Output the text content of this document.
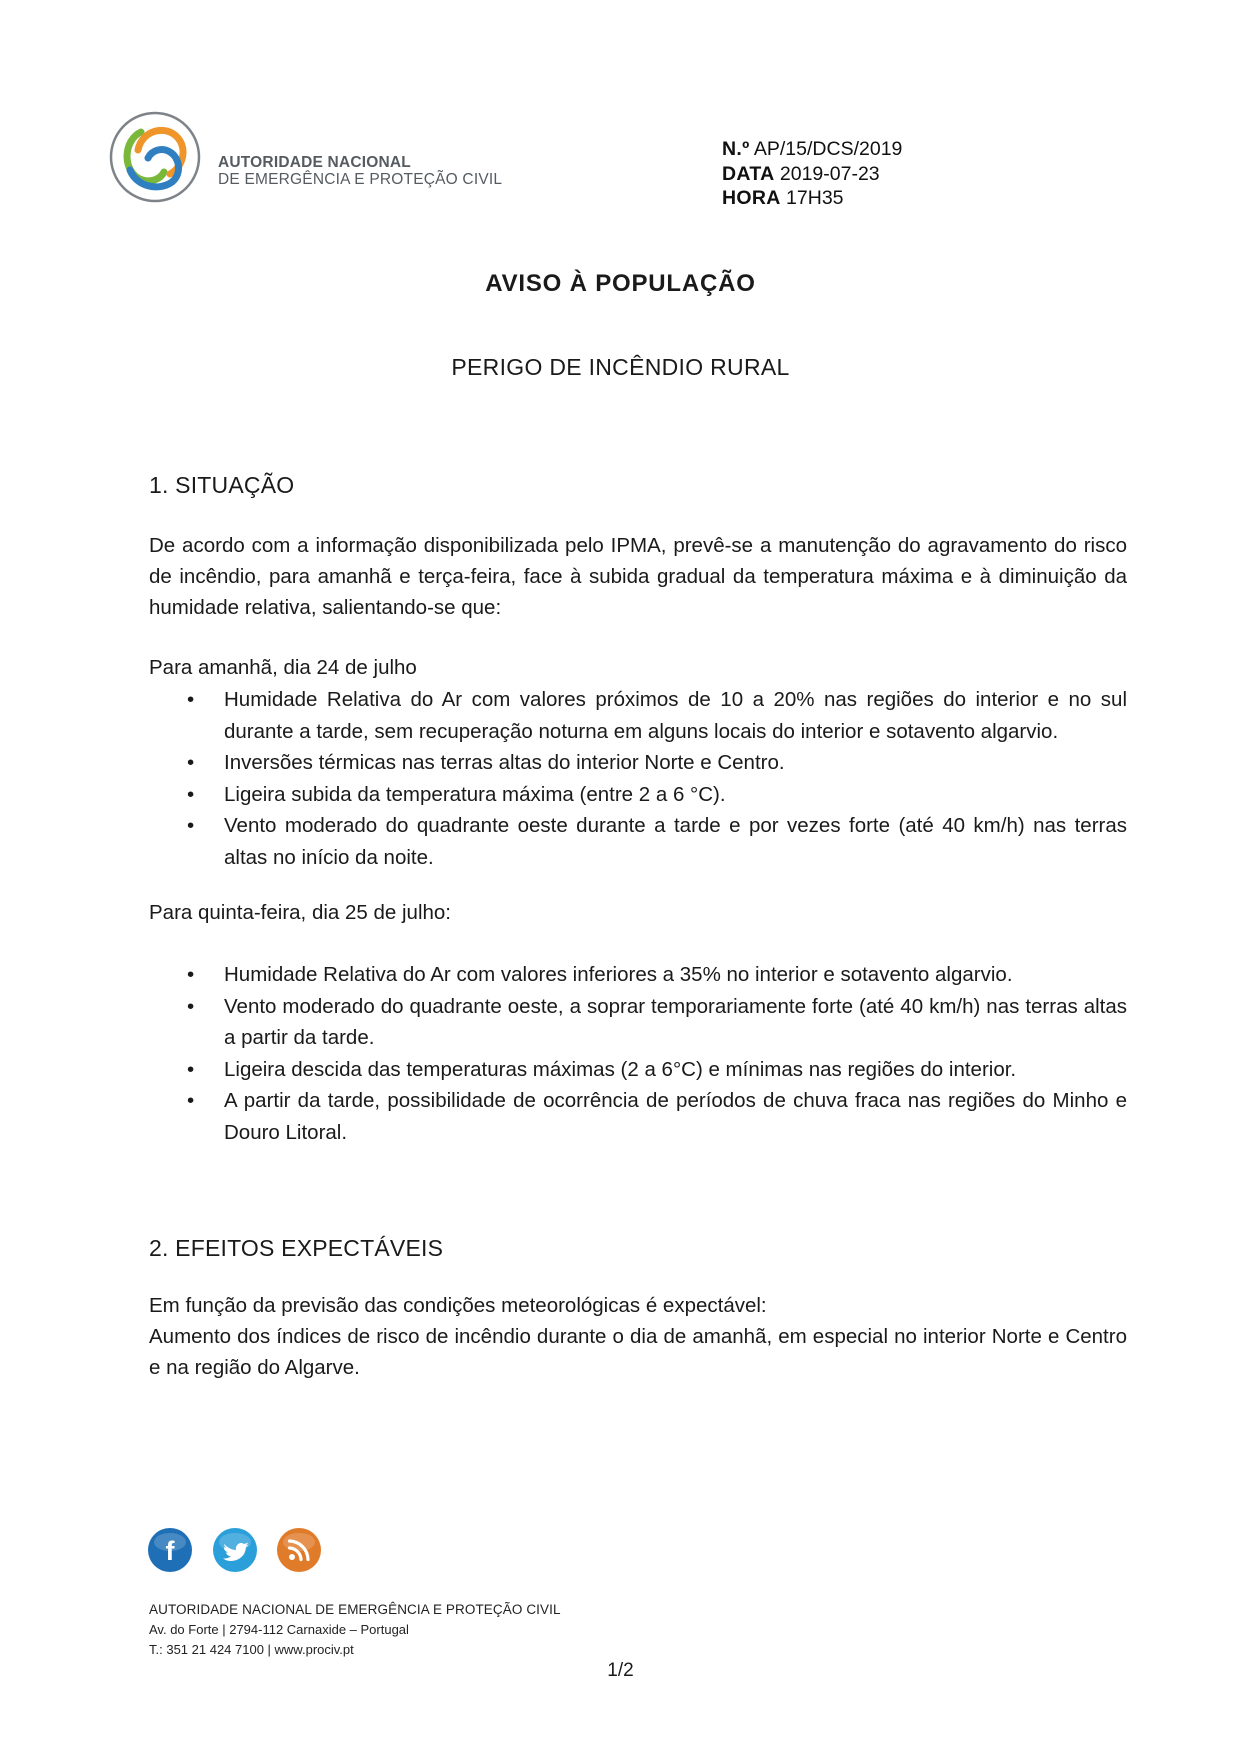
AUTORIDADE NACIONAL
DE EMERGÊNCIA E PROTEÇÃO CIVIL
N.º AP/15/DCS/2019
DATA 2019-07-23
HORA 17H35
AVISO À POPULAÇÃO
PERIGO DE INCÊNDIO RURAL
1. SITUAÇÃO
De acordo com a informação disponibilizada pelo IPMA, prevê-se a manutenção do agravamento do risco de incêndio, para amanhã e terça-feira, face à subida gradual da temperatura máxima e à diminuição da humidade relativa, salientando-se que:
Para amanhã, dia 24 de julho
• Humidade Relativa do Ar com valores próximos de 10 a 20% nas regiões do interior e no sul durante a tarde, sem recuperação noturna em alguns locais do interior e sotavento algarvio.
• Inversões térmicas nas terras altas do interior Norte e Centro.
• Ligeira subida da temperatura máxima (entre 2 a 6 °C).
• Vento moderado do quadrante oeste durante a tarde e por vezes forte (até 40 km/h) nas terras altas no início da noite.
Para quinta-feira, dia 25 de julho:
• Humidade Relativa do Ar com valores inferiores a 35% no interior e sotavento algarvio.
• Vento moderado do quadrante oeste, a soprar temporariamente forte (até 40 km/h) nas terras altas a partir da tarde.
• Ligeira descida das temperaturas máximas (2 a 6°C) e mínimas nas regiões do interior.
• A partir da tarde, possibilidade de ocorrência de períodos de chuva fraca nas regiões do Minho e Douro Litoral.
2. EFEITOS EXPECTÁVEIS
Em função da previsão das condições meteorológicas é expectável:
Aumento dos índices de risco de incêndio durante o dia de amanhã, em especial no interior Norte e Centro e na região do Algarve.
f
AUTORIDADE NACIONAL DE EMERGÊNCIA E PROTEÇÃO CIVIL
Av. do Forte | 2794-112 Carnaxide – Portugal
T.: 351 21 424 7100 | www.prociv.pt
1/2
